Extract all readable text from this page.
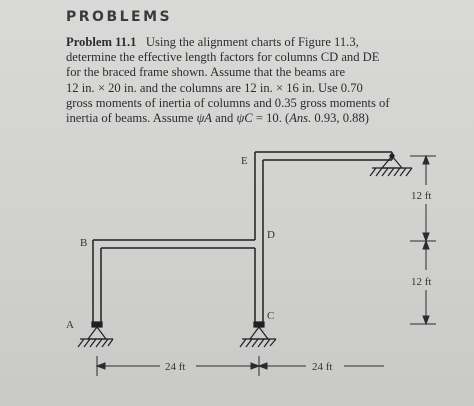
PROBLEMS
Problem 11.1 Using the alignment charts of Figure 11.3,
determine the effective length factors for columns CD and DE
for the braced frame shown. Assume that the beams are
12 in. × 20 in. and the columns are 12 in. × 16 in. Use 0.70
gross moments of inertia of columns and 0.35 gross moments of
inertia of beams. Assume ψA and ψC = 10. (Ans. 0.93, 0.88)
A
B
C
D
E
12 ft
12 ft
24 ft	24 ft
